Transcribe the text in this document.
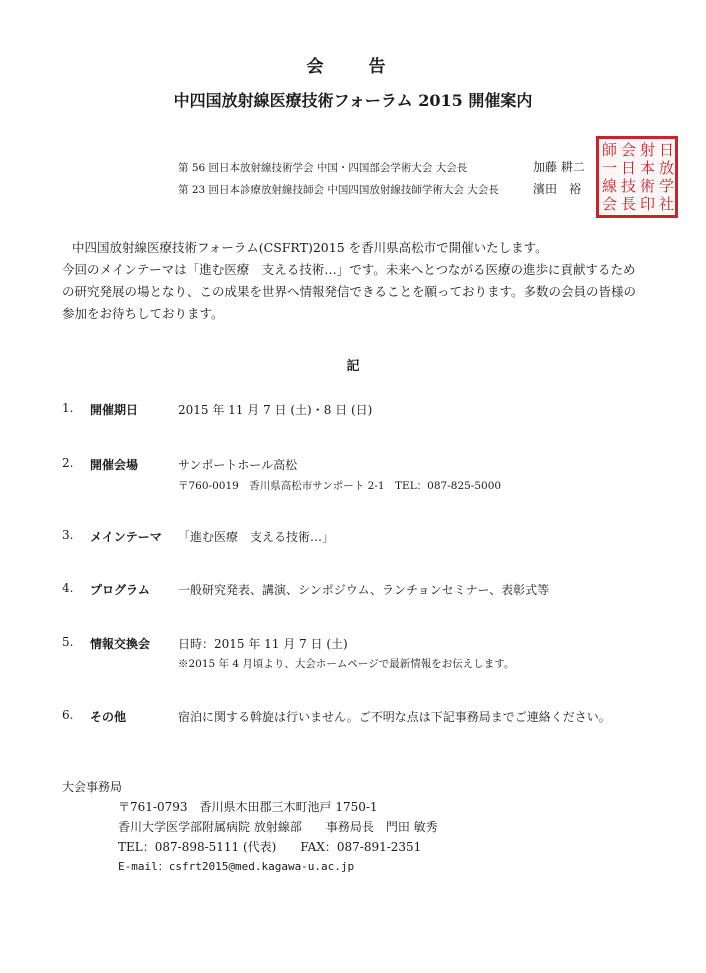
会　告
中四国放射線医療技術フォーラム 2015 開催案内
第 56 回日本放射線技術学会 中国・四国部会学術大会 大会長	加藤 耕二
第 23 回日本診療放射線技師会 中国四国放射線技師学術大会 大会長	濱田　裕
師 会 射 日
一 日 本 放
線 技 術 学
会 長 印 社
中四国放射線医療技術フォーラム(CSFRT)2015 を香川県高松市で開催いたします。
今回のメインテーマは「進む医療　支える技術…」です。未来へとつながる医療の進歩に貢献するため
の研究発展の場となり、この成果を世界へ情報発信できることを願っております。多数の会員の皆様の
参加をお待ちしております。
記
1. 開催期日	2015 年 11 月 7 日 (土)・8 日 (日)
2. 開催会場	サンポートホール高松
〒760-0019　香川県高松市サンポート 2-1　TEL：087-825-5000
3. メインテーマ 「進む医療　支える技術…」
4. プログラム 一般研究発表、講演、シンポジウム、ランチョンセミナー、表彰式等
5. 情報交換会 日時：2015 年 11 月 7 日 (土)
※2015 年 4 月頃より、大会ホームページで最新情報をお伝えします。
6. その他	宿泊に関する斡旋は行いません。ご不明な点は下記事務局までご連絡ください。
大会事務局
〒761-0793　香川県木田郡三木町池戸 1750-1
香川大学医学部附属病院 放射線部　　事務局長　門田 敏秀
TEL：087-898-5111 (代表)　　FAX：087-891-2351
E-mail：csfrt2015@med.kagawa-u.ac.jp
